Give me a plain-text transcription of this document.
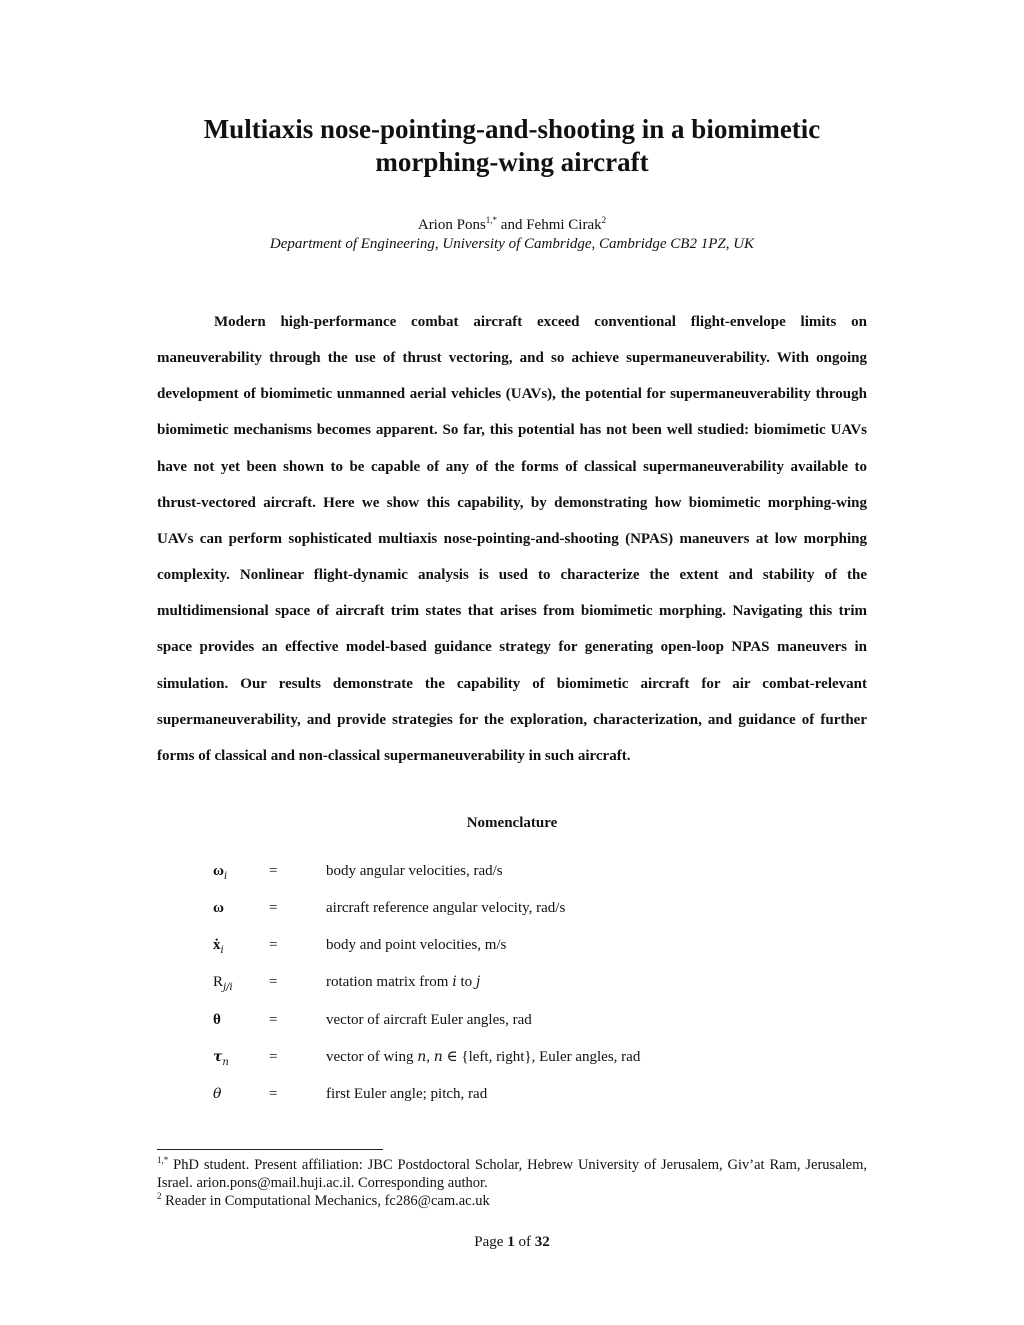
Multiaxis nose-pointing-and-shooting in a biomimetic
morphing-wing aircraft
Arion Pons$^{1,*}$ and Fehmi Cirak$^2$
Department of Engineering, University of Cambridge, Cambridge CB2 1PZ, UK

Modern high-performance combat aircraft exceed conventional flight-envelope limits on maneuverability through the use of thrust vectoring, and so achieve supermaneuverability. With ongoing development of biomimetic unmanned aerial vehicles (UAVs), the potential for supermaneuverability through biomimetic mechanisms becomes apparent. So far, this potential has not been well studied: biomimetic UAVs have not yet been shown to be capable of any of the forms of classical supermaneuverability available to thrust-vectored aircraft. Here we show this capability, by demonstrating how biomimetic morphing-wing UAVs can perform sophisticated multiaxis nose-pointing-and-shooting (NPAS) maneuvers at low morphing complexity. Nonlinear flight-dynamic analysis is used to characterize the extent and stability of the multidimensional space of aircraft trim states that arises from biomimetic morphing. Navigating this trim space provides an effective model-based guidance strategy for generating open-loop NPAS maneuvers in simulation. Our results demonstrate the capability of biomimetic aircraft for air combat-relevant supermaneuverability, and provide strategies for the exploration, characterization, and guidance of further forms of classical and non-classical supermaneuverability in such aircraft.

Nomenclature
$\omega_i$	=	body angular velocities, rad/s
ω	=	aircraft reference angular velocity, rad/s
ẋ$_i$	=	body and point velocities, m/s
$R_{j/i}$ =	rotation matrix from i to j
θ	=	vector of aircraft Euler angles, rad
$\tau_n$	=	vector of wing n, n ∈ {left, right}, Euler angles, rad
θ	=	first Euler angle; pitch, rad

$^{1,*}$ PhD student. Present affiliation: JBC Postdoctoral Scholar, Hebrew University of Jerusalem, Giv’at Ram, Jerusalem, Israel. arion.pons@mail.huji.ac.il. Corresponding author.

$^2$ Reader in Computational Mechanics, fc286@cam.ac.uk

Page 1 of 32
